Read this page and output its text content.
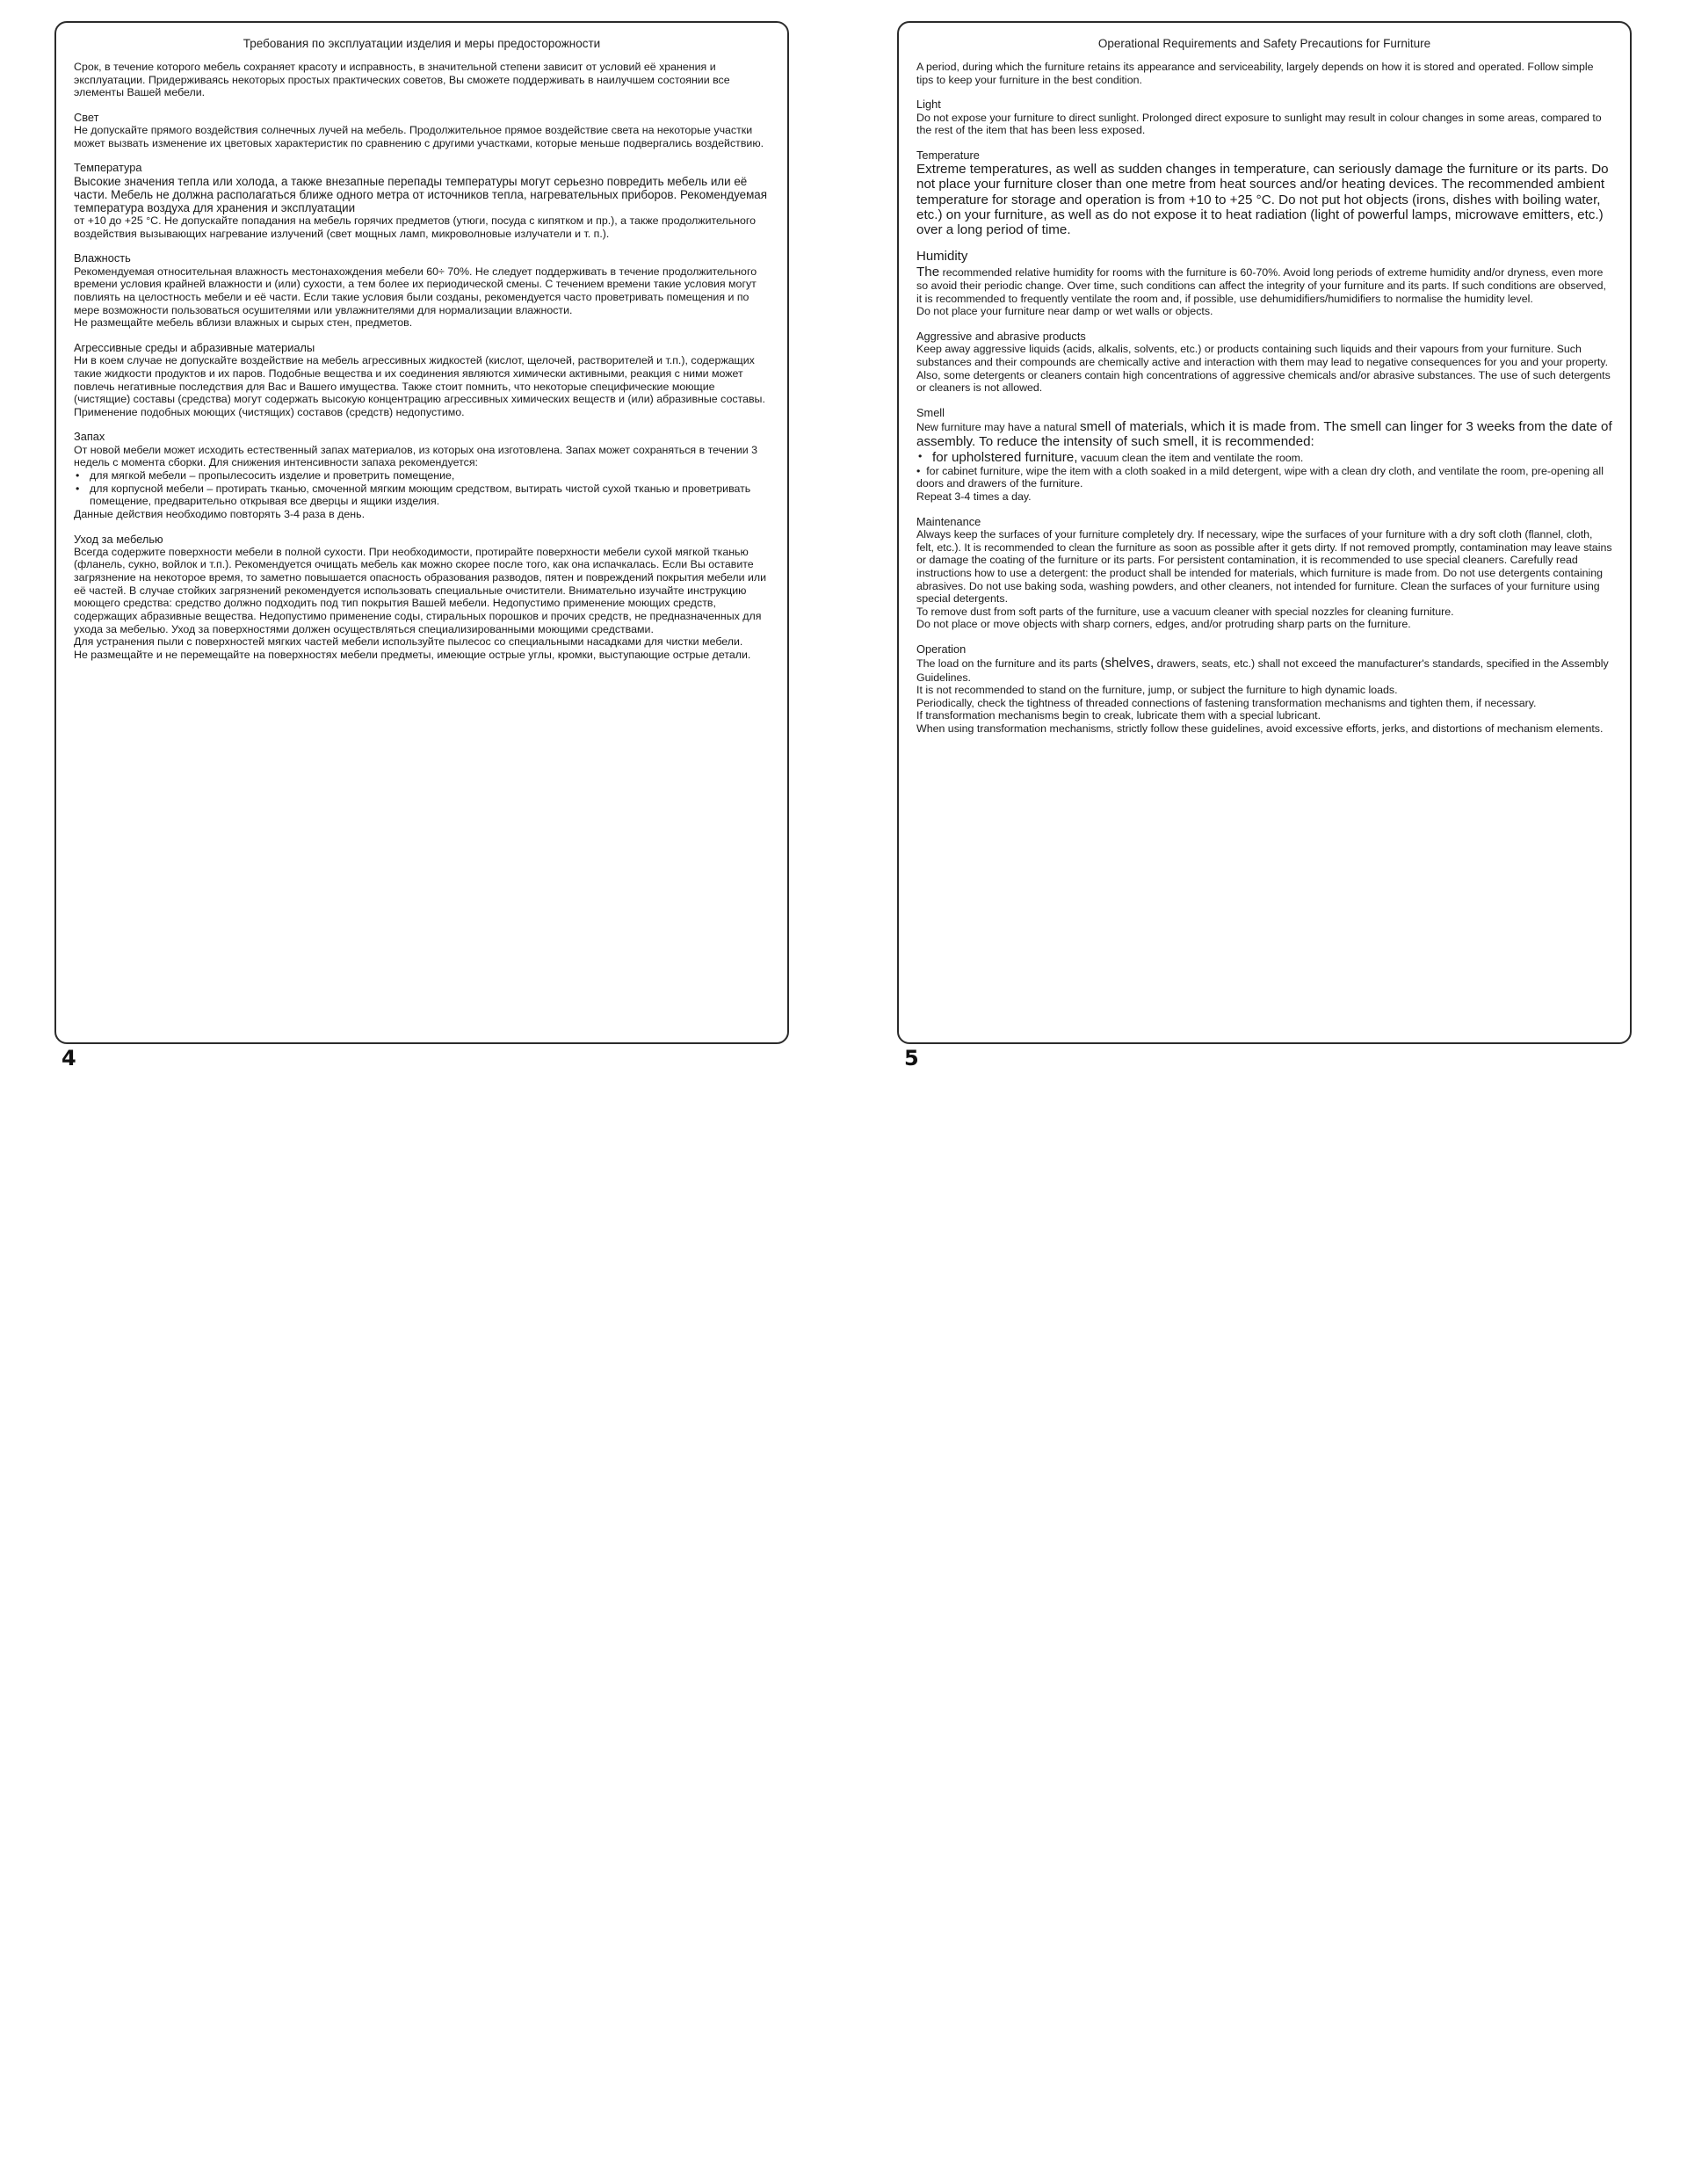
Требования по эксплуатации изделия и меры предосторожности

Срок, в течение которого мебель сохраняет красоту и исправность, в значительной степени зависит от условий её хранения и эксплуатации. Придерживаясь некоторых простых практических советов, Вы сможете поддерживать в наилучшем состоянии все элементы Вашей мебели.

Свет

Не допускайте прямого воздействия солнечных лучей на мебель. Продолжительное прямое воздействие света на некоторые участки может вызвать изменение их цветовых характеристик по сравнению с другими участками, которые меньше подвергались воздействию.

Температура

Высокие значения тепла или холода, а также внезапные перепады температуры могут серьезно повредить мебель или её части. Мебель не должна располагаться ближе одного метра от источников тепла, нагревательных приборов. Рекомендуемая температура воздуха для хранения и эксплуатации

от +10 до +25 °С. Не допускайте попадания на мебель горячих предметов (утюги, посуда с кипятком и пр.), а также продолжительного воздействия вызывающих нагревание излучений (свет мощных ламп, микроволновые излучатели и т. п.).

Влажность

Рекомендуемая относительная влажность местонахождения мебели 60÷ 70%. Не следует поддерживать в течение продолжительного времени условия крайней влажности и (или) сухости, а тем более их периодической смены. С течением времени такие условия могут повлиять на целостность мебели и её части. Если такие условия были созданы, рекомендуется часто проветривать помещения и по мере возможности пользоваться осушителями или увлажнителями для нормализации влажности.

Не размещайте мебель вблизи влажных и сырых стен, предметов.

Агрессивные среды и абразивные материалы

Ни в коем случае не допускайте воздействие на мебель агрессивных жидкостей (кислот, щелочей, растворителей и т.п.), содержащих такие жидкости продуктов и их паров. Подобные вещества и их соединения являются химически активными, реакция с ними может повлечь негативные последствия для Вас и Вашего имущества. Также стоит помнить, что некоторые специфические моющие (чистящие) составы (средства) могут содержать высокую концентрацию агрессивных химических веществ и (или) абразивные составы. Применение подобных моющих (чистящих) составов (средств) недопустимо.

Запах

От новой мебели может исходить естественный запах материалов, из которых она изготовлена. Запах может сохраняться в течении 3 недель с момента сборки. Для снижения интенсивности запаха рекомендуется:

• для мягкой мебели – пропылесосить изделие и проветрить помещение,

• для корпусной мебели – протирать тканью, смоченной мягким моющим средством, вытирать чистой сухой тканью и проветривать помещение, предварительно открывая все дверцы и ящики изделия.

Данные действия необходимо повторять 3-4 раза в день.

Уход за мебелью

Всегда содержите поверхности мебели в полной сухости. При необходимости, протирайте поверхности мебели сухой мягкой тканью (фланель, сукно, войлок и т.п.). Рекомендуется очищать мебель как можно скорее после того, как она испачкалась. Если Вы оставите загрязнение на некоторое время, то заметно повышается опасность образования разводов, пятен и повреждений покрытия мебели или её частей. В случае стойких загрязнений рекомендуется использовать специальные очистители. Внимательно изучайте инструкцию моющего средства: средство должно подходить под тип покрытия Вашей мебели. Недопустимо применение моющих средств, содержащих абразивные вещества. Недопустимо применение соды, стиральных порошков и прочих средств, не предназначенных для ухода за мебелью. Уход за поверхностями должен осуществляться специализированными моющими средствами.

Для устранения пыли с поверхностей мягких частей мебели используйте пылесос со специальными насадками для чистки мебели.

Не размещайте и не перемещайте на поверхностях мебели предметы, имеющие острые углы, кромки, выступающие острые детали.

4
Operational Requirements and Safety Precautions for Furniture

A period, during which the furniture retains its appearance and serviceability, largely depends on how it is stored and operated. Follow simple tips to keep your furniture in the best condition.

Light

Do not expose your furniture to direct sunlight. Prolonged direct exposure to sunlight may result in colour changes in some areas, compared to the rest of the item that has been less exposed.

Temperature

Extreme temperatures, as well as sudden changes in temperature, can seriously damage the furniture or its parts. Do not place your furniture closer than one metre from heat sources and/or heating devices. The recommended ambient temperature for storage and operation is from +10 to +25 °C. Do not put hot objects (irons, dishes with boiling water, etc.) on your furniture, as well as do not expose it to heat radiation (light of powerful lamps, microwave emitters, etc.) over a long period of time.

Humidity

The recommended relative humidity for rooms with the furniture is 60-70%. Avoid long periods of extreme humidity and/or dryness, even more so avoid their periodic change. Over time, such conditions can affect the integrity of your furniture and its parts. If such conditions are observed, it is recommended to frequently ventilate the room and, if possible, use dehumidifiers/humidifiers to normalise the humidity level.

Do not place your furniture near damp or wet walls or objects.

Aggressive and abrasive products

Keep away aggressive liquids (acids, alkalis, solvents, etc.) or products containing such liquids and their vapours from your furniture. Such substances and their compounds are chemically active and interaction with them may lead to negative consequences for you and your property. Also, some detergents or cleaners contain high concentrations of aggressive chemicals and/or abrasive substances. The use of such detergents or cleaners is not allowed.

Smell

New furniture may have a natural smell of materials, which it is made from. The smell can linger for 3 weeks from the date of assembly. To reduce the intensity of such smell, it is recommended:

• for upholstered furniture, vacuum clean the item and ventilate the room.

• for cabinet furniture, wipe the item with a cloth soaked in a mild detergent, wipe with a clean dry cloth, and ventilate the room, pre-opening all doors and drawers of the furniture.

Repeat 3-4 times a day.

Maintenance

Always keep the surfaces of your furniture completely dry. If necessary, wipe the surfaces of your furniture with a dry soft cloth (flannel, cloth, felt, etc.). It is recommended to clean the furniture as soon as possible after it gets dirty. If not removed promptly, contamination may leave stains or damage the coating of the furniture or its parts. For persistent contamination, it is recommended to use special cleaners. Carefully read instructions how to use a detergent: the product shall be intended for materials, which furniture is made from. Do not use detergents containing abrasives. Do not use baking soda, washing powders, and other cleaners, not intended for furniture. Clean the surfaces of your furniture using special detergents.

To remove dust from soft parts of the furniture, use a vacuum cleaner with special nozzles for cleaning furniture.

Do not place or move objects with sharp corners, edges, and/or protruding sharp parts on the furniture.

Operation

The load on the furniture and its parts (shelves, drawers, seats, etc.) shall not exceed the manufacturer's standards, specified in the Assembly Guidelines.

It is not recommended to stand on the furniture, jump, or subject the furniture to high dynamic loads.

Periodically, check the tightness of threaded connections of fastening transformation mechanisms and tighten them, if necessary.

If transformation mechanisms begin to creak, lubricate them with a special lubricant.

When using transformation mechanisms, strictly follow these guidelines, avoid excessive efforts, jerks, and distortions of mechanism elements.

5
